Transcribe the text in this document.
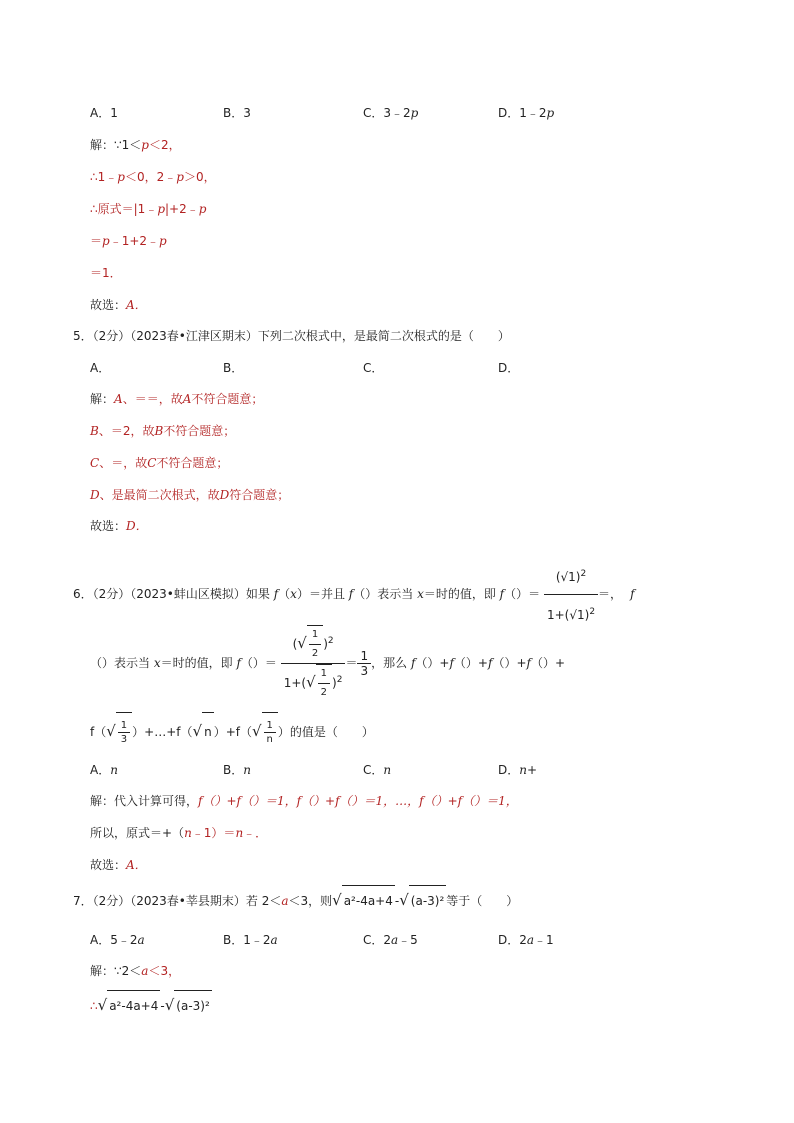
A．1	B．3	C．3﹣2p	D．1﹣2p
解：∵1＜p＜2，
∴1﹣p＜0，2﹣p＞0，
∴原式＝|1﹣p|+2﹣p
＝p﹣1+2﹣p
＝1．
故选：A．
5．（2分）（2023春•江津区期末）下列二次根式中，是最简二次根式的是（　　）
A．	B．	C．	D．
解：A、＝＝，故A不符合题意；
B、＝2，故B不符合题意；
C、＝，故C不符合题意；
D、是最简二次根式，故D符合题意；
故选：D．
6．（2分）（2023•蚌山区模拟）如果 f（x）＝并且 f（）表示当 x＝时的值，即 $f()= \frac{(√1)^2}{1+(√1)^2}$ ＝， f
（）表示当 x＝时的值，即 $f()= \frac{(√ \frac{1}{2} )^2}{1+(√ \frac{1}{2} )^2} = \frac{1}{3}$ ，那么 f（）+f（）+f（）+f（）+
$f(√ \frac{1}{3}$ ）+…+f（√ n ）$+f(√ \frac{1}{n}$ ）的值是（　　）
A．n	B．n	C．n	D．n+
解：代入计算可得，f（）+f（）＝1，f（）+f（）＝1，…，f（）+f（）＝1，
所以，原式＝+（n﹣1）＝n﹣．
故选：A．
7．（2分）（2023春•莘县期末）若 2＜a＜3，则√ a²-4a+4 -√ (a-3)² 等于（　　）
A．5﹣2a	B．1﹣2a	C．2a﹣5	D．2a﹣1
解：∵2＜a＜3，
∴√ a²-4a+4 -√ (a-3)²
